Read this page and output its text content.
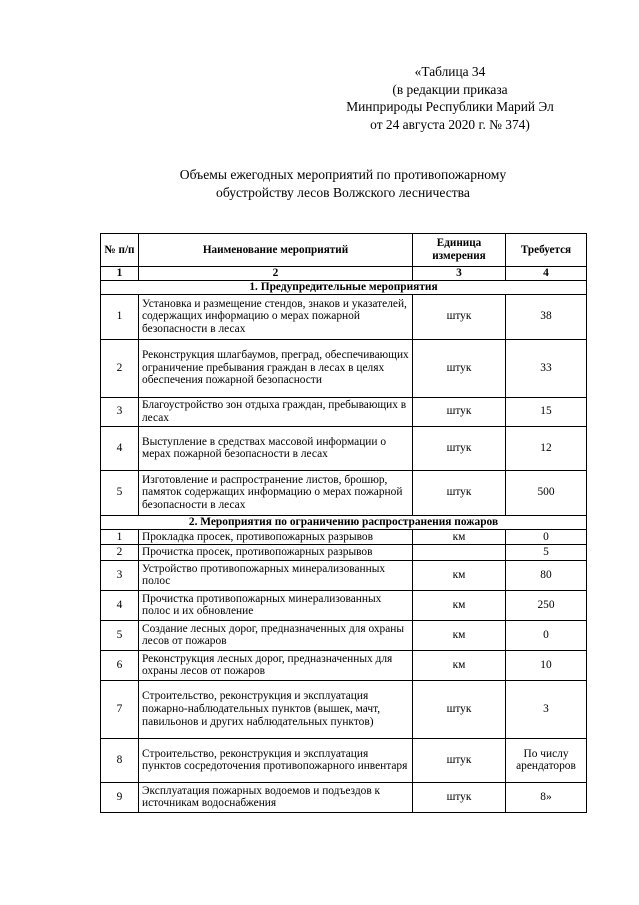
«Таблица 34
(в редакции приказа
Минприроды Республики Марий Эл
от 24 августа 2020 г. № 374)
Объемы ежегодных мероприятий по противопожарному
обустройству лесов Волжского лесничества
№ п/п	Наименование мероприятий	Единица измерения	Требуется
1	2	3	4
1. Предупредительные мероприятия			
1	Установка и размещение стендов, знаков и указателей, содержащих информацию о мерах пожарной безопасности в лесах	штук	38
2	Реконструкция шлагбаумов, преград, обеспечивающих ограничение пребывания граждан в лесах в целях обеспечения пожарной безопасности	штук	33
3	Благоустройство зон отдыха граждан, пребывающих в лесах	штук	15
4	Выступление в средствах массовой информации о мерах пожарной безопасности в лесах	штук	12
5	Изготовление и распространение листов, брошюр, памяток содержащих информацию о мерах пожарной безопасности в лесах	штук	500
2. Мероприятия по ограничению распространения пожаров			
1	Прокладка просек, противопожарных разрывов	км	0
2	Прочистка просек, противопожарных разрывов		5
3	Устройство противопожарных минерализованных полос	км	80
4	Прочистка противопожарных минерализованных полос и их обновление	км	250
5	Создание лесных дорог, предназначенных для охраны лесов от пожаров	км	0
6	Реконструкция лесных дорог, предназначенных для охраны лесов от пожаров	км	10
7	Строительство, реконструкция и эксплуатация пожарно-наблюдательных пунктов (вышек, мачт, павильонов и других наблюдательных пунктов)	штук	3
8	Строительство, реконструкция и эксплуатация пунктов сосредоточения противопожарного инвентаря	штук	По числу арендаторов
9	Эксплуатация пожарных водоемов и подъездов к источникам водоснабжения	штук	8»
